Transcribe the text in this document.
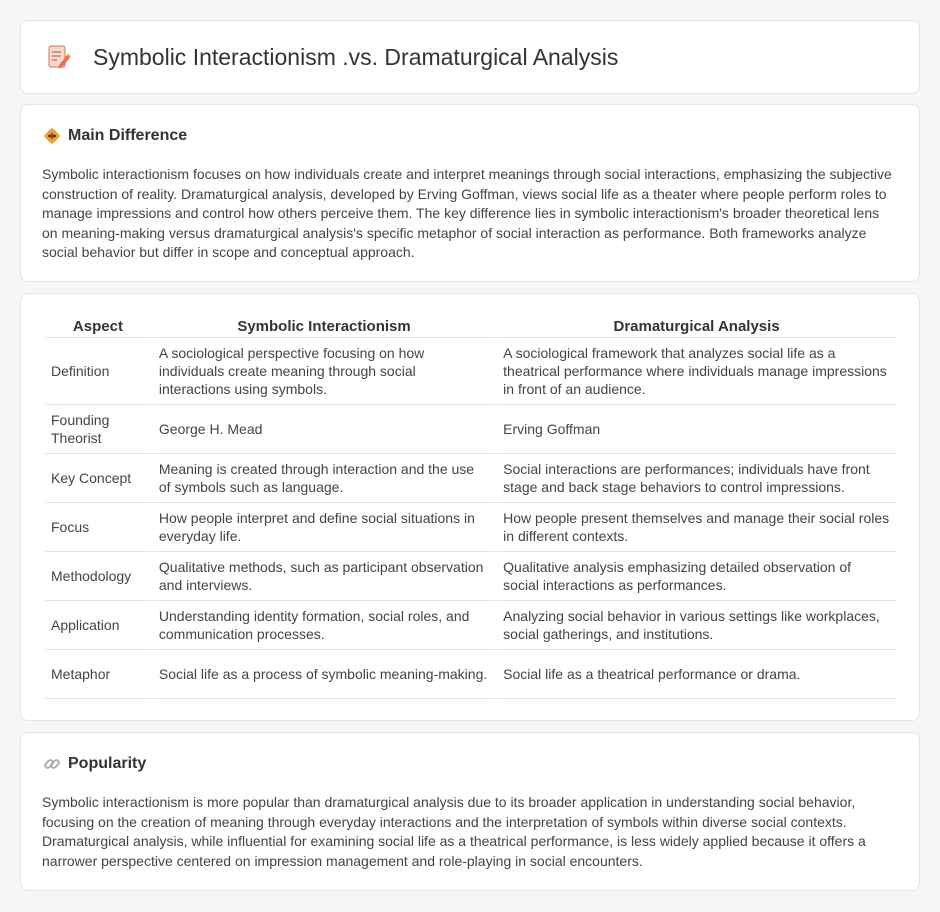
Symbolic Interactionism .vs. Dramaturgical Analysis
Main Difference

Symbolic interactionism focuses on how individuals create and interpret meanings through social interactions, emphasizing the subjective construction of reality. Dramaturgical analysis, developed by Erving Goffman, views social life as a theater where people perform roles to manage impressions and control how others perceive them. The key difference lies in symbolic interactionism's broader theoretical lens on meaning-making versus dramaturgical analysis's specific metaphor of social interaction as performance. Both frameworks analyze social behavior but differ in scope and conceptual approach.

Aspect	Symbolic Interactionism	Dramaturgical Analysis
Definition	A sociological perspective focusing on how individuals create meaning through social interactions using symbols.	A sociological framework that analyzes social life as a theatrical performance where individuals manage impressions in front of an audience.
Founding Theorist	George H. Mead	Erving Goffman
Key Concept	Meaning is created through interaction and the use of symbols such as language.	Social interactions are performances; individuals have front stage and back stage behaviors to control impressions.
Focus	How people interpret and define social situations in everyday life.	How people present themselves and manage their social roles in different contexts.
Methodology	Qualitative methods, such as participant observation and interviews.	Qualitative analysis emphasizing detailed observation of social interactions as performances.
Application	Understanding identity formation, social roles, and communication processes.	Analyzing social behavior in various settings like workplaces, social gatherings, and institutions.
Metaphor	Social life as a process of symbolic meaning-making.	Social life as a theatrical performance or drama.
Popularity

Symbolic interactionism is more popular than dramaturgical analysis due to its broader application in understanding social behavior, focusing on the creation of meaning through everyday interactions and the interpretation of symbols within diverse social contexts. Dramaturgical analysis, while influential for examining social life as a theatrical performance, is less widely applied because it offers a narrower perspective centered on impression management and role-playing in social encounters.
